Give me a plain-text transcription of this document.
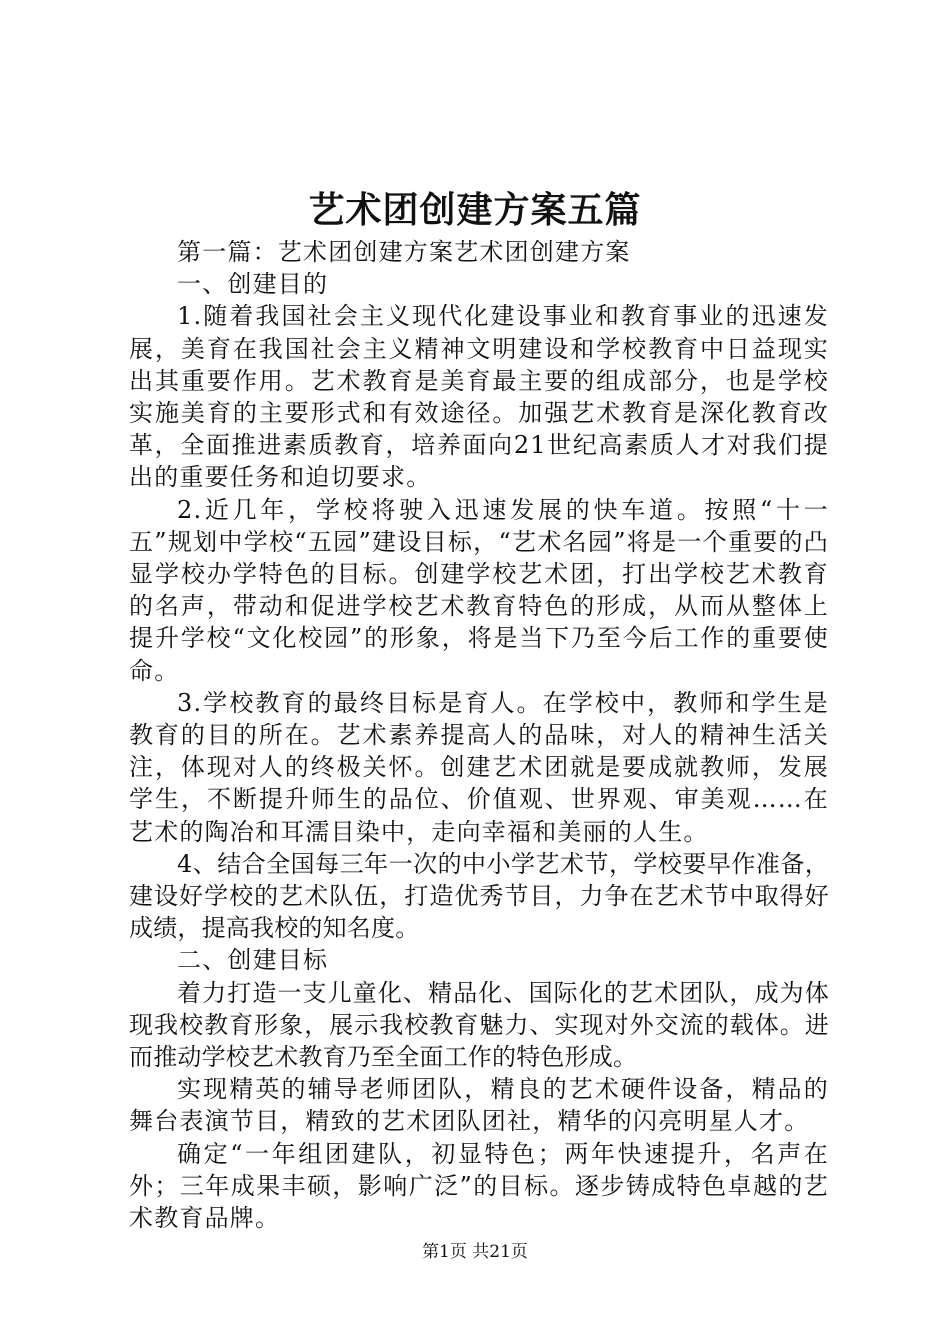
艺术团创建方案五篇

第一篇：艺术团创建方案艺术团创建方案

一、创建目的

1.随着我国社会主义现代化建设事业和教育事业的迅速发展，美育在我国社会主义精神文明建设和学校教育中日益现实出其重要作用。艺术教育是美育最主要的组成部分，也是学校实施美育的主要形式和有效途径。加强艺术教育是深化教育改革，全面推进素质教育，培养面向21世纪高素质人才对我们提出的重要任务和迫切要求。

2.近几年，学校将驶入迅速发展的快车道。按照“十一五”规划中学校“五园”建设目标，“艺术名园”将是一个重要的凸显学校办学特色的目标。创建学校艺术团，打出学校艺术教育的名声，带动和促进学校艺术教育特色的形成，从而从整体上提升学校“文化校园”的形象，将是当下乃至今后工作的重要使命。

3.学校教育的最终目标是育人。在学校中，教师和学生是教育的目的所在。艺术素养提高人的品味，对人的精神生活关注，体现对人的终极关怀。创建艺术团就是要成就教师，发展学生，不断提升师生的品位、价值观、世界观、审美观……在艺术的陶冶和耳濡目染中，走向幸福和美丽的人生。

4、结合全国每三年一次的中小学艺术节，学校要早作准备，建设好学校的艺术队伍，打造优秀节目，力争在艺术节中取得好成绩，提高我校的知名度。

二、创建目标

着力打造一支儿童化、精品化、国际化的艺术团队，成为体现我校教育形象，展示我校教育魅力、实现对外交流的载体。进而推动学校艺术教育乃至全面工作的特色形成。

实现精英的辅导老师团队，精良的艺术硬件设备，精品的舞台表演节目，精致的艺术团队团社，精华的闪亮明星人才。

确定“一年组团建队，初显特色；两年快速提升，名声在外；三年成果丰硕，影响广泛”的目标。逐步铸成特色卓越的艺术教育品牌。

第1页 共21页
